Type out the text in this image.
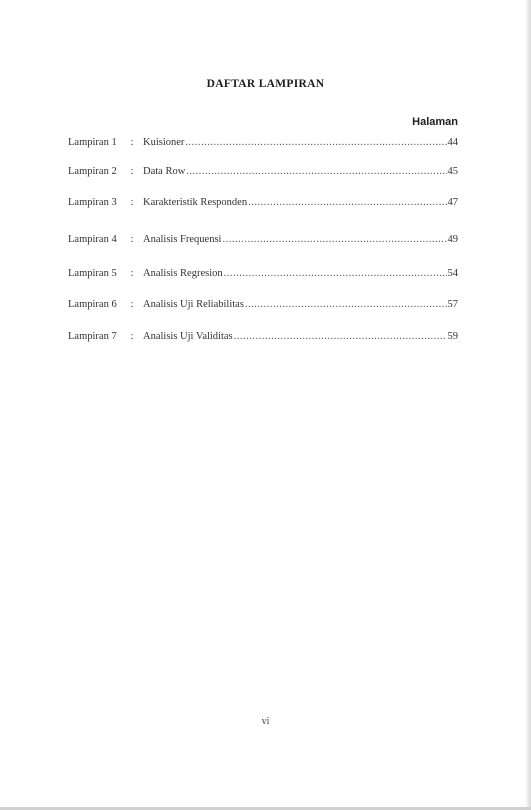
DAFTAR LAMPIRAN
Halaman
Lampiran 1	: Kuisioner .....	44
Lampiran 2	: Data Row .....	45
Lampiran 3	: Karakteristik Responden .....	47
Lampiran 4	: Analisis Frequensi .....	49
Lampiran 5	: Analisis Regresion .....	54
Lampiran 6	: Analisis Uji Reliabilitas .....	57
Lampiran 7	: Analisis Uji Validitas .....	59
vi
